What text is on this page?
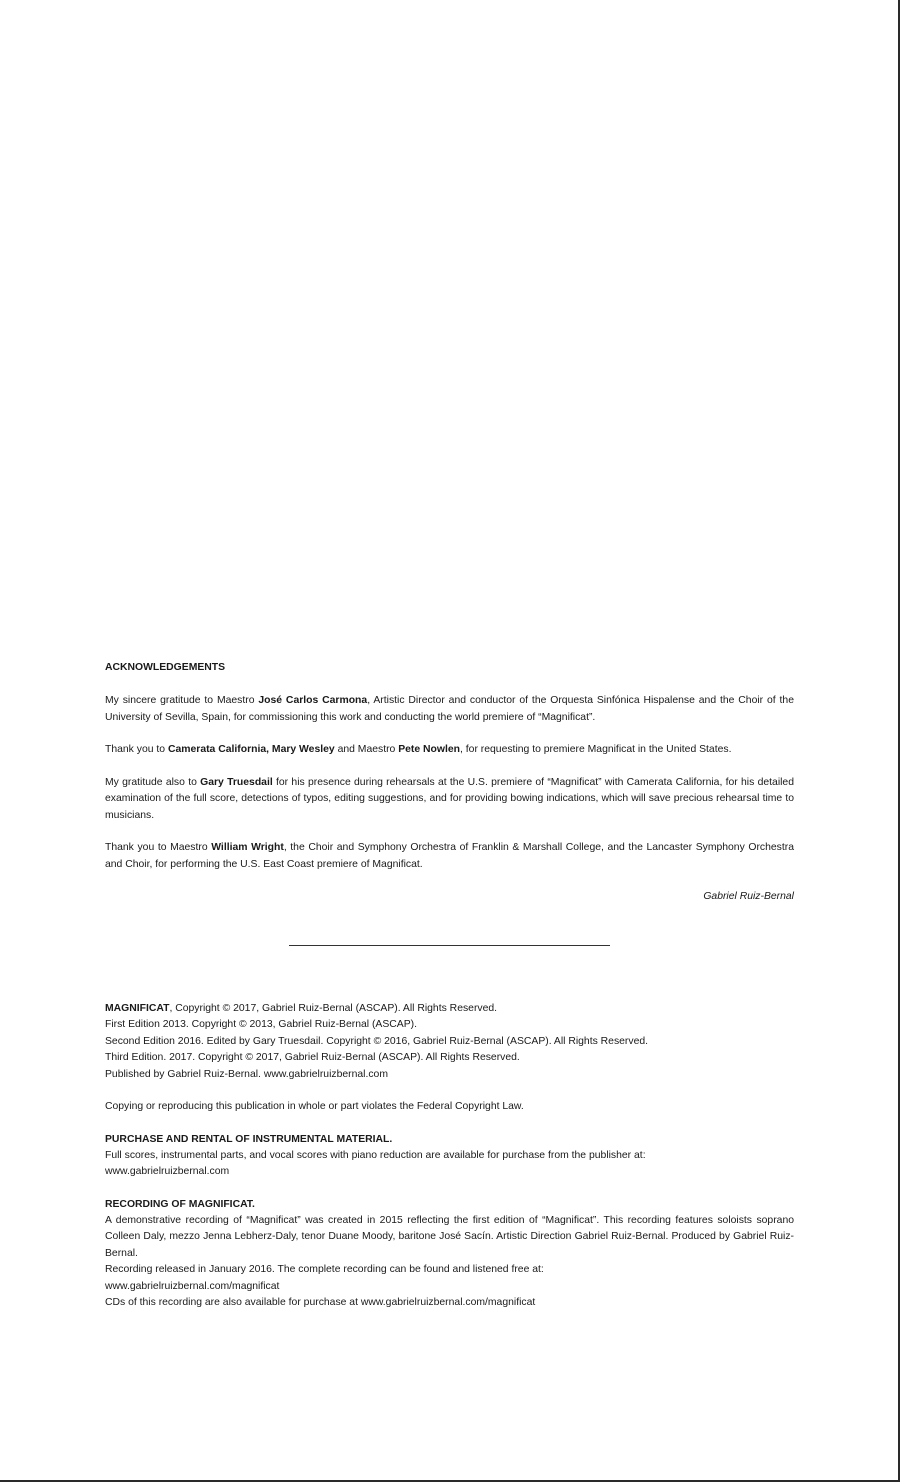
ACKNOWLEDGEMENTS

My sincere gratitude to Maestro José Carlos Carmona, Artistic Director and conductor of the Orquesta Sinfónica Hispalense and the Choir of the University of Sevilla, Spain, for commissioning this work and conducting the world premiere of “Magnificat”.

Thank you to Camerata California, Mary Wesley and Maestro Pete Nowlen, for requesting to premiere Magnificat in the United States.

My gratitude also to Gary Truesdail for his presence during rehearsals at the U.S. premiere of “Magnificat” with Camerata California, for his detailed examination of the full score, detections of typos, editing suggestions, and for providing bowing indications, which will save precious rehearsal time to musicians.

Thank you to Maestro William Wright, the Choir and Symphony Orchestra of Franklin & Marshall College, and the Lancaster Symphony Orchestra and Choir, for performing the U.S. East Coast premiere of Magnificat.

Gabriel Ruiz-Bernal

MAGNIFICAT, Copyright © 2017, Gabriel Ruiz-Bernal (ASCAP). All Rights Reserved.

First Edition 2013. Copyright © 2013, Gabriel Ruiz-Bernal (ASCAP).

Second Edition 2016. Edited by Gary Truesdail. Copyright © 2016, Gabriel Ruiz-Bernal (ASCAP). All Rights Reserved.

Third Edition. 2017. Copyright © 2017, Gabriel Ruiz-Bernal (ASCAP). All Rights Reserved.

Published by Gabriel Ruiz-Bernal. www.gabrielruizbernal.com

Copying or reproducing this publication in whole or part violates the Federal Copyright Law.

PURCHASE AND RENTAL OF INSTRUMENTAL MATERIAL.

Full scores, instrumental parts, and vocal scores with piano reduction are available for purchase from the publisher at:

www.gabrielruizbernal.com

RECORDING OF MAGNIFICAT.

A demonstrative recording of “Magnificat” was created in 2015 reflecting the first edition of “Magnificat”. This recording features soloists soprano Colleen Daly, mezzo Jenna Lebherz-Daly, tenor Duane Moody, baritone José Sacín. Artistic Direction Gabriel Ruiz-Bernal. Produced by Gabriel Ruiz-Bernal.

Recording released in January 2016. The complete recording can be found and listened free at:

www.gabrielruizbernal.com/magnificat

CDs of this recording are also available for purchase at www.gabrielruizbernal.com/magnificat
